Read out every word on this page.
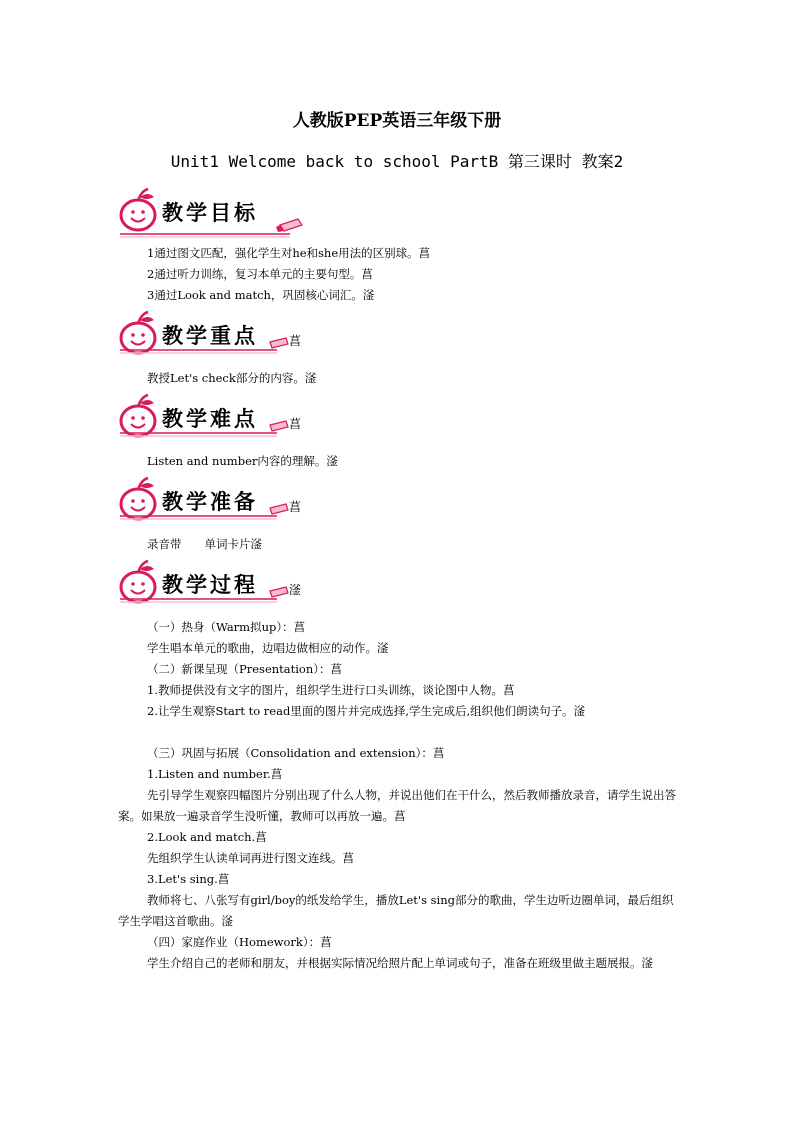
人教版PEP英语三年级下册
Unit1 Welcome back to school PartB 第三课时 教案2
教学目标
1通过图文匹配，强化学生对he和she用法的区别球。菖
2通过听力训练，复习本单元的主要句型。菖
3通过Look and match，巩固核心词汇。滏
教学重点	菖
教授Let's check部分的内容。滏
教学难点	菖
Listen and number内容的理解。滏
教学准备	菖
录音带　　单词卡片滏
教学过程	滏
（一）热身（Warm拟up）：菖
学生唱本单元的歌曲，边唱边做相应的动作。滏
（二）新课呈现（Presentation）：菖
1.教师提供没有文字的图片，组织学生进行口头训练，谈论图中人物。菖
2.让学生观察Start to read里面的图片并完成选择,学生完成后,组织他们朗读句子。滏
（三）巩固与拓展（Consolidation and extension）：菖
1.Listen and number.菖
先引导学生观察四幅图片分别出现了什么人物，并说出他们在干什么，然后教师播放录音，请学生说出答案。如果放一遍录音学生没听懂，教师可以再放一遍。菖
2.Look and match.菖
先组织学生认读单词再进行图文连线。菖
3.Let's sing.菖
教师将七、八张写有girl/boy的纸发给学生，播放Let's sing部分的歌曲，学生边听边圈单词，最后组织学生学唱这首歌曲。滏
（四）家庭作业（Homework）：菖
学生介绍自己的老师和朋友，并根据实际情况给照片配上单词或句子，准备在班级里做主题展报。滏
